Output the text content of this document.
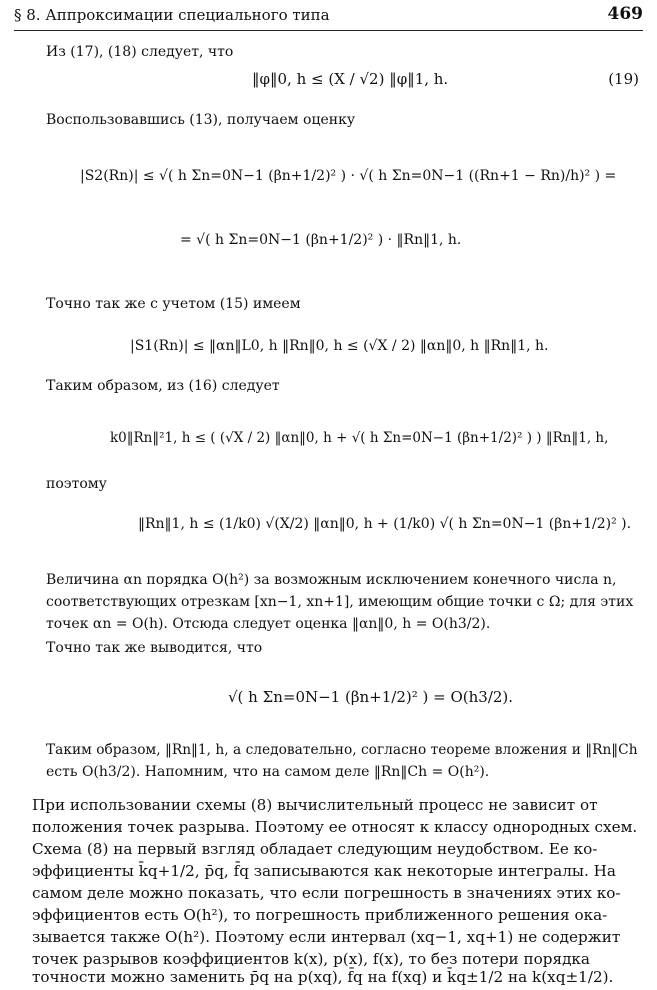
§ 8. Аппроксимации специального типа	469
Из (17), (18) следует, что
‖φ‖0, h ≤ (X / √2) ‖φ‖1, h.	(19)
Воспользовавшись (13), получаем оценку
|S2(Rn)| ≤ √( h Σn=0N−1 (βn+1/2)² ) · √( h Σn=0N−1 ((Rn+1 − Rn)/h)² ) =
= √( h Σn=0N−1 (βn+1/2)² ) · ‖Rn‖1, h.
Точно так же с учетом (15) имеем
|S1(Rn)| ≤ ‖αn‖L0, h ‖Rn‖0, h ≤ (√X / 2) ‖αn‖0, h ‖Rn‖1, h.
Таким образом, из (16) следует
k0‖Rn‖²1, h ≤ ( (√X / 2) ‖αn‖0, h + √( h Σn=0N−1 (βn+1/2)² ) ) ‖Rn‖1, h,
поэтому
‖Rn‖1, h ≤ (1/k0) √(X/2) ‖αn‖0, h + (1/k0) √( h Σn=0N−1 (βn+1/2)² ).
Величина αn порядка O(h²) за возможным исключением конечного числа n,
соответствующих отрезкам [xn−1, xn+1], имеющим общие точки с Ω; для этих
точек αn = O(h). Отсюда следует оценка ‖αn‖0, h = O(h3/2).
Точно так же выводится, что
√( h Σn=0N−1 (βn+1/2)² ) = O(h3/2).
Таким образом, ‖Rn‖1, h, а следовательно, согласно теореме вложения и ‖Rn‖Ch
есть O(h3/2). Напомним, что на самом деле ‖Rn‖Ch = O(h²).
При использовании схемы (8) вычислительный процесс не зависит от
положения точек разрыва. Поэтому ее относят к классу однородных схем.
Схема (8) на первый взгляд обладает следующим неудобством. Ее ко-
эффициенты k̄q+1/2, p̄q, f̄q записываются как некоторые интегралы. На
самом деле можно показать, что если погрешность в значениях этих ко-
эффициентов есть O(h²), то погрешность приближенного решения ока-
зывается также O(h²). Поэтому если интервал (xq−1, xq+1) не содержит
точек разрывов коэффициентов k(x), p(x), f(x), то без потери порядка
точности можно заменить p̄q на p(xq), f̄q на f(xq) и k̄q±1/2 на k(xq±1/2).
